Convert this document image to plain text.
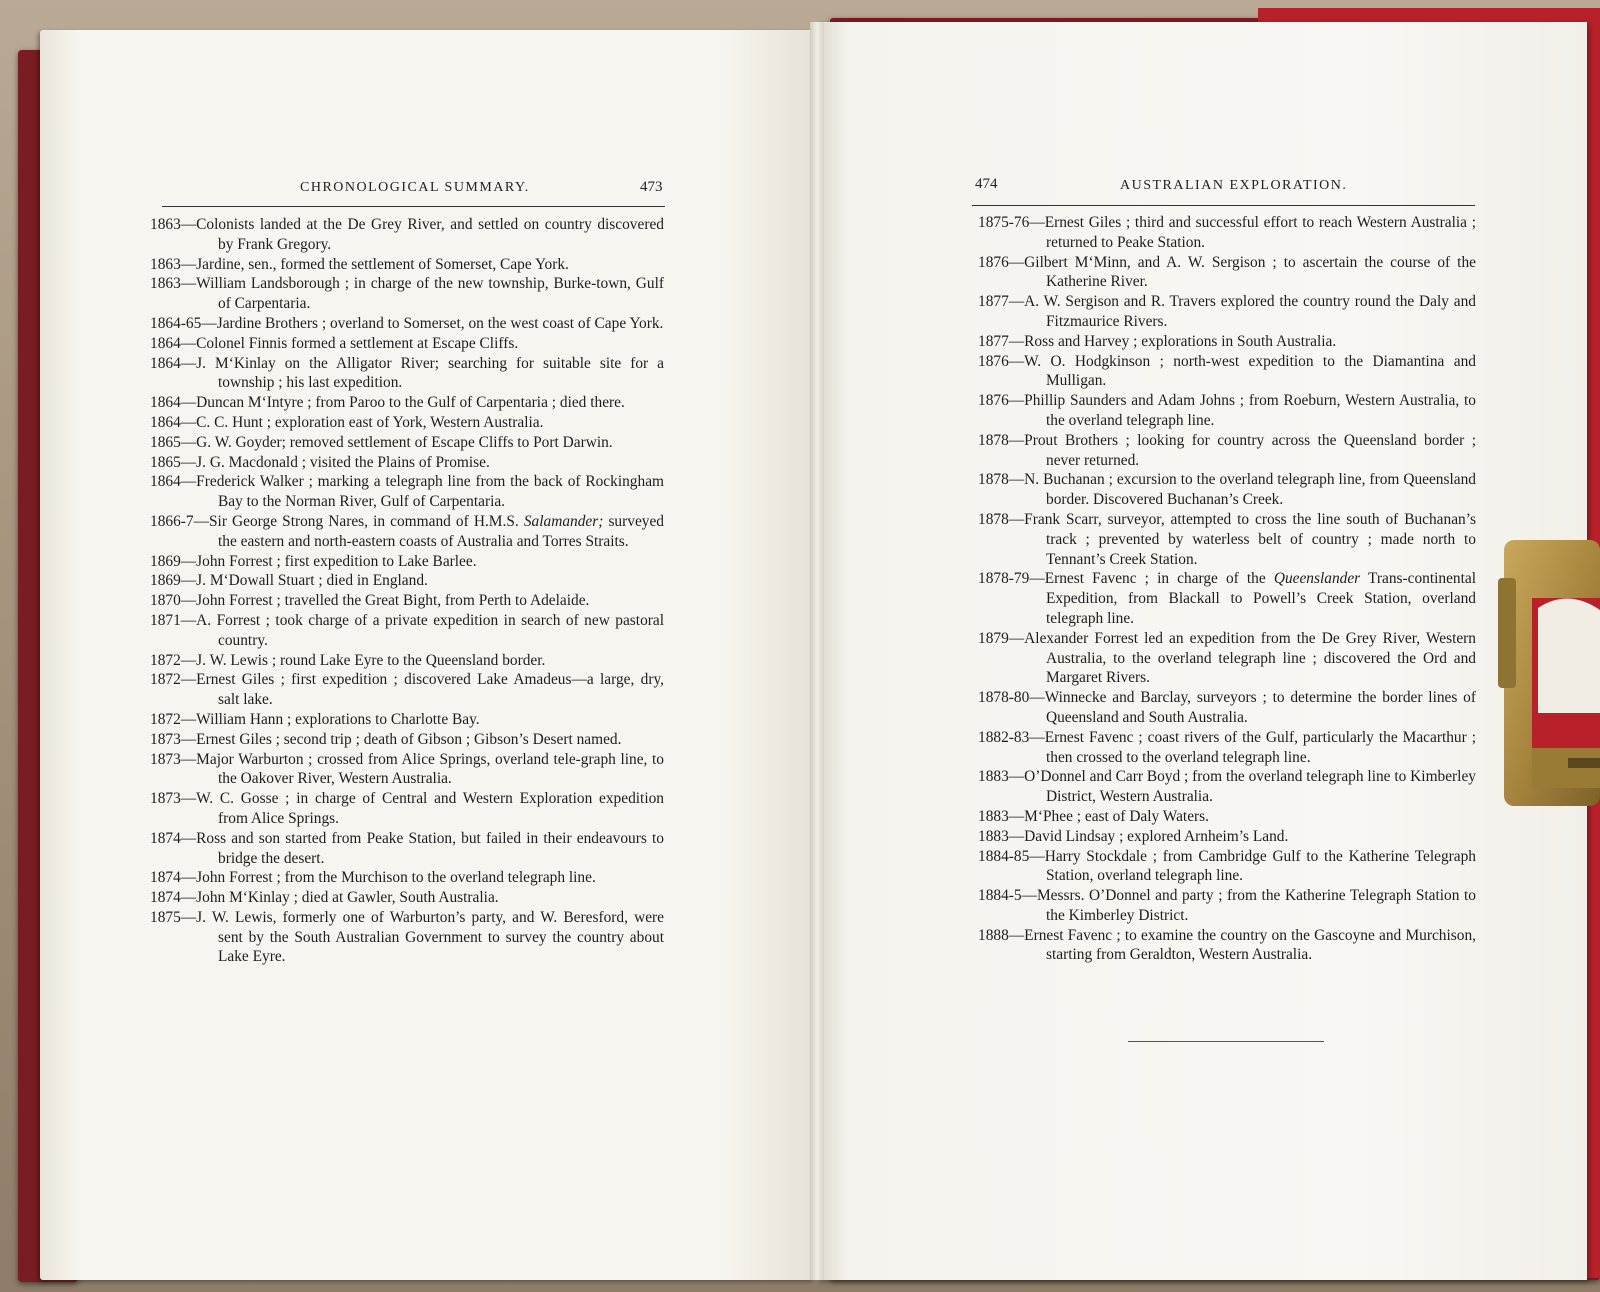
CHRONOLOGICAL SUMMARY.	473

1863—Colonists landed at the De Grey River, and settled on country discovered by Frank Gregory.

1863—Jardine, sen., formed the settlement of Somerset, Cape York.

1863—William Landsborough ; in charge of the new township, Burke-town, Gulf of Carpentaria.

1864-65—Jardine Brothers ; overland to Somerset, on the west coast of Cape York.

1864—Colonel Finnis formed a settlement at Escape Cliffs.

1864—J. M‘Kinlay on the Alligator River; searching for suitable site for a township ; his last expedition.

1864—Duncan M‘Intyre ; from Paroo to the Gulf of Carpentaria ; died there.

1864—C. C. Hunt ; exploration east of York, Western Australia.

1865—G. W. Goyder; removed settlement of Escape Cliffs to Port Darwin.

1865—J. G. Macdonald ; visited the Plains of Promise.

1864—Frederick Walker ; marking a telegraph line from the back of Rockingham Bay to the Norman River, Gulf of Carpentaria.

1866-7—Sir George Strong Nares, in command of H.M.S. Salamander; surveyed the eastern and north-eastern coasts of Australia and Torres Straits.

1869—John Forrest ; first expedition to Lake Barlee.

1869—J. M‘Dowall Stuart ; died in England.

1870—John Forrest ; travelled the Great Bight, from Perth to Adelaide.

1871—A. Forrest ; took charge of a private expedition in search of new pastoral country.

1872—J. W. Lewis ; round Lake Eyre to the Queensland border.

1872—Ernest Giles ; first expedition ; discovered Lake Amadeus—a large, dry, salt lake.

1872—William Hann ; explorations to Charlotte Bay.

1873—Ernest Giles ; second trip ; death of Gibson ; Gibson’s Desert named.

1873—Major Warburton ; crossed from Alice Springs, overland tele-graph line, to the Oakover River, Western Australia.

1873—W. C. Gosse ; in charge of Central and Western Exploration expedition from Alice Springs.

1874—Ross and son started from Peake Station, but failed in their endeavours to bridge the desert.

1874—John Forrest ; from the Murchison to the overland telegraph line.

1874—John M‘Kinlay ; died at Gawler, South Australia.

1875—J. W. Lewis, formerly one of Warburton’s party, and W. Beresford, were sent by the South Australian Government to survey the country about Lake Eyre.

474	AUSTRALIAN EXPLORATION.

1875-76—Ernest Giles ; third and successful effort to reach Western Australia ; returned to Peake Station.

1876—Gilbert M‘Minn, and A. W. Sergison ; to ascertain the course of the Katherine River.

1877—A. W. Sergison and R. Travers explored the country round the Daly and Fitzmaurice Rivers.

1877—Ross and Harvey ; explorations in South Australia.

1876—W. O. Hodgkinson ; north-west expedition to the Diamantina and Mulligan.

1876—Phillip Saunders and Adam Johns ; from Roeburn, Western Australia, to the overland telegraph line.

1878—Prout Brothers ; looking for country across the Queensland border ; never returned.

1878—N. Buchanan ; excursion to the overland telegraph line, from Queensland border. Discovered Buchanan’s Creek.

1878—Frank Scarr, surveyor, attempted to cross the line south of Buchanan’s track ; prevented by waterless belt of country ; made north to Tennant’s Creek Station.

1878-79—Ernest Favenc ; in charge of the Queenslander Trans-continental Expedition, from Blackall to Powell’s Creek Station, overland telegraph line.

1879—Alexander Forrest led an expedition from the De Grey River, Western Australia, to the overland telegraph line ; discovered the Ord and Margaret Rivers.

1878-80—Winnecke and Barclay, surveyors ; to determine the border lines of Queensland and South Australia.

1882-83—Ernest Favenc ; coast rivers of the Gulf, particularly the Macarthur ; then crossed to the overland telegraph line.

1883—O’Donnel and Carr Boyd ; from the overland telegraph line to Kimberley District, Western Australia.

1883—M‘Phee ; east of Daly Waters.

1883—David Lindsay ; explored Arnheim’s Land.

1884-85—Harry Stockdale ; from Cambridge Gulf to the Katherine Telegraph Station, overland telegraph line.

1884-5—Messrs. O’Donnel and party ; from the Katherine Telegraph Station to the Kimberley District.

1888—Ernest Favenc ; to examine the country on the Gascoyne and Murchison, starting from Geraldton, Western Australia.
